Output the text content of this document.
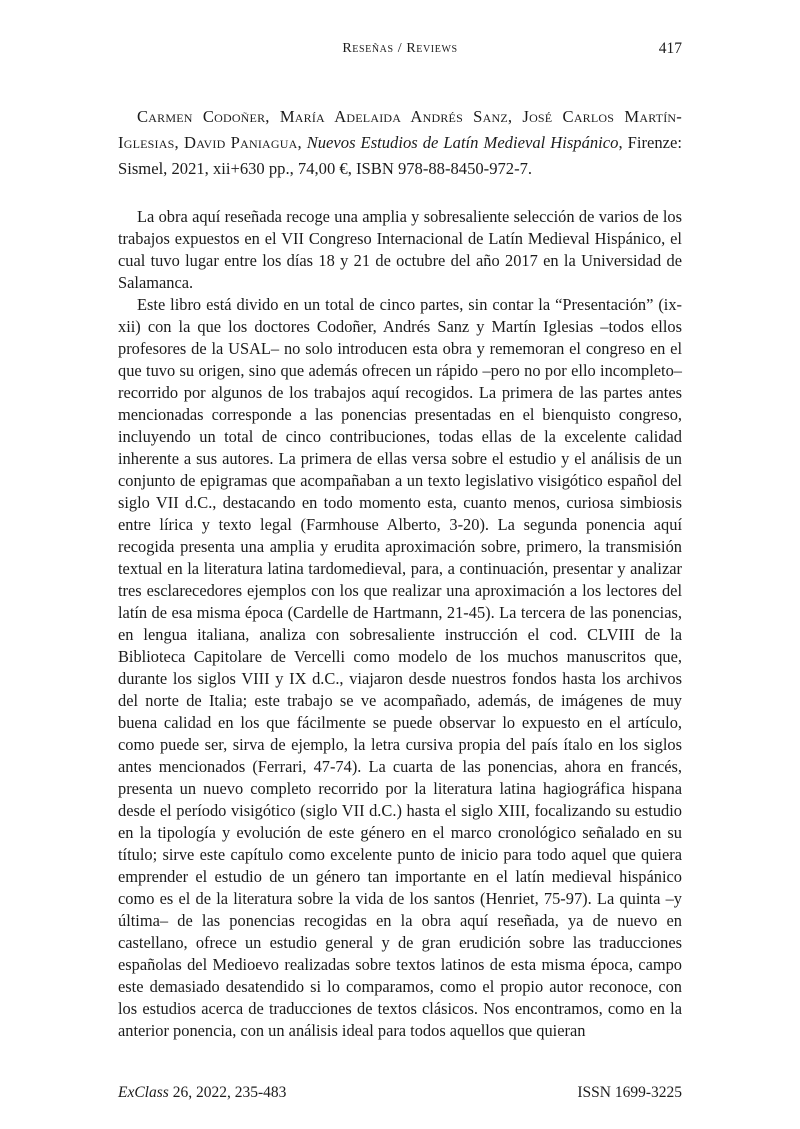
Reseñas / Reviews	417

Carmen Codoñer, María Adelaida Andrés Sanz, José Carlos Martín-Iglesias, David Paniagua, Nuevos Estudios de Latín Medieval Hispánico, Firenze: Sismel, 2021, xii+630 pp., 74,00 €, ISBN 978-88-8450-972-7.

La obra aquí reseñada recoge una amplia y sobresaliente selección de varios de los trabajos expuestos en el VII Congreso Internacional de Latín Medieval Hispánico, el cual tuvo lugar entre los días 18 y 21 de octubre del año 2017 en la Universidad de Salamanca.

Este libro está divido en un total de cinco partes, sin contar la “Presentación” (ix-xii) con la que los doctores Codoñer, Andrés Sanz y Martín Iglesias –todos ellos profesores de la USAL– no solo introducen esta obra y rememoran el congreso en el que tuvo su origen, sino que además ofrecen un rápido –pero no por ello incompleto– recorrido por algunos de los trabajos aquí recogidos. La primera de las partes antes mencionadas corresponde a las ponencias presentadas en el bienquisto congreso, incluyendo un total de cinco contribuciones, todas ellas de la excelente calidad inherente a sus autores. La primera de ellas versa sobre el estudio y el análisis de un conjunto de epigramas que acompañaban a un texto legislativo visigótico español del siglo VII d.C., destacando en todo momento esta, cuanto menos, curiosa simbiosis entre lírica y texto legal (Farmhouse Alberto, 3-20). La segunda ponencia aquí recogida presenta una amplia y erudita aproximación sobre, primero, la transmisión textual en la literatura latina tardomedieval, para, a continuación, presentar y analizar tres esclarecedores ejemplos con los que realizar una aproximación a los lectores del latín de esa misma época (Cardelle de Hartmann, 21-45). La tercera de las ponencias, en lengua italiana, analiza con sobresaliente instrucción el cod. CLVIII de la Biblioteca Capitolare de Vercelli como modelo de los muchos manuscritos que, durante los siglos VIII y IX d.C., viajaron desde nuestros fondos hasta los archivos del norte de Italia; este trabajo se ve acompañado, además, de imágenes de muy buena calidad en los que fácilmente se puede observar lo expuesto en el artículo, como puede ser, sirva de ejemplo, la letra cursiva propia del país ítalo en los siglos antes mencionados (Ferrari, 47-74). La cuarta de las ponencias, ahora en francés, presenta un nuevo completo recorrido por la literatura latina hagiográfica hispana desde el período visigótico (siglo VII d.C.) hasta el siglo XIII, focalizando su estudio en la tipología y evolución de este género en el marco cronológico señalado en su título; sirve este capítulo como excelente punto de inicio para todo aquel que quiera emprender el estudio de un género tan importante en el latín medieval hispánico como es el de la literatura sobre la vida de los santos (Henriet, 75-97). La quinta –y última– de las ponencias recogidas en la obra aquí reseñada, ya de nuevo en castellano, ofrece un estudio general y de gran erudición sobre las traducciones españolas del Medioevo realizadas sobre textos latinos de esta misma época, campo este demasiado desatendido si lo comparamos, como el propio autor reconoce, con los estudios acerca de traducciones de textos clásicos. Nos encontramos, como en la anterior ponencia, con un análisis ideal para todos aquellos que quieran

ExClass 26, 2022, 235-483	ISSN 1699-3225
